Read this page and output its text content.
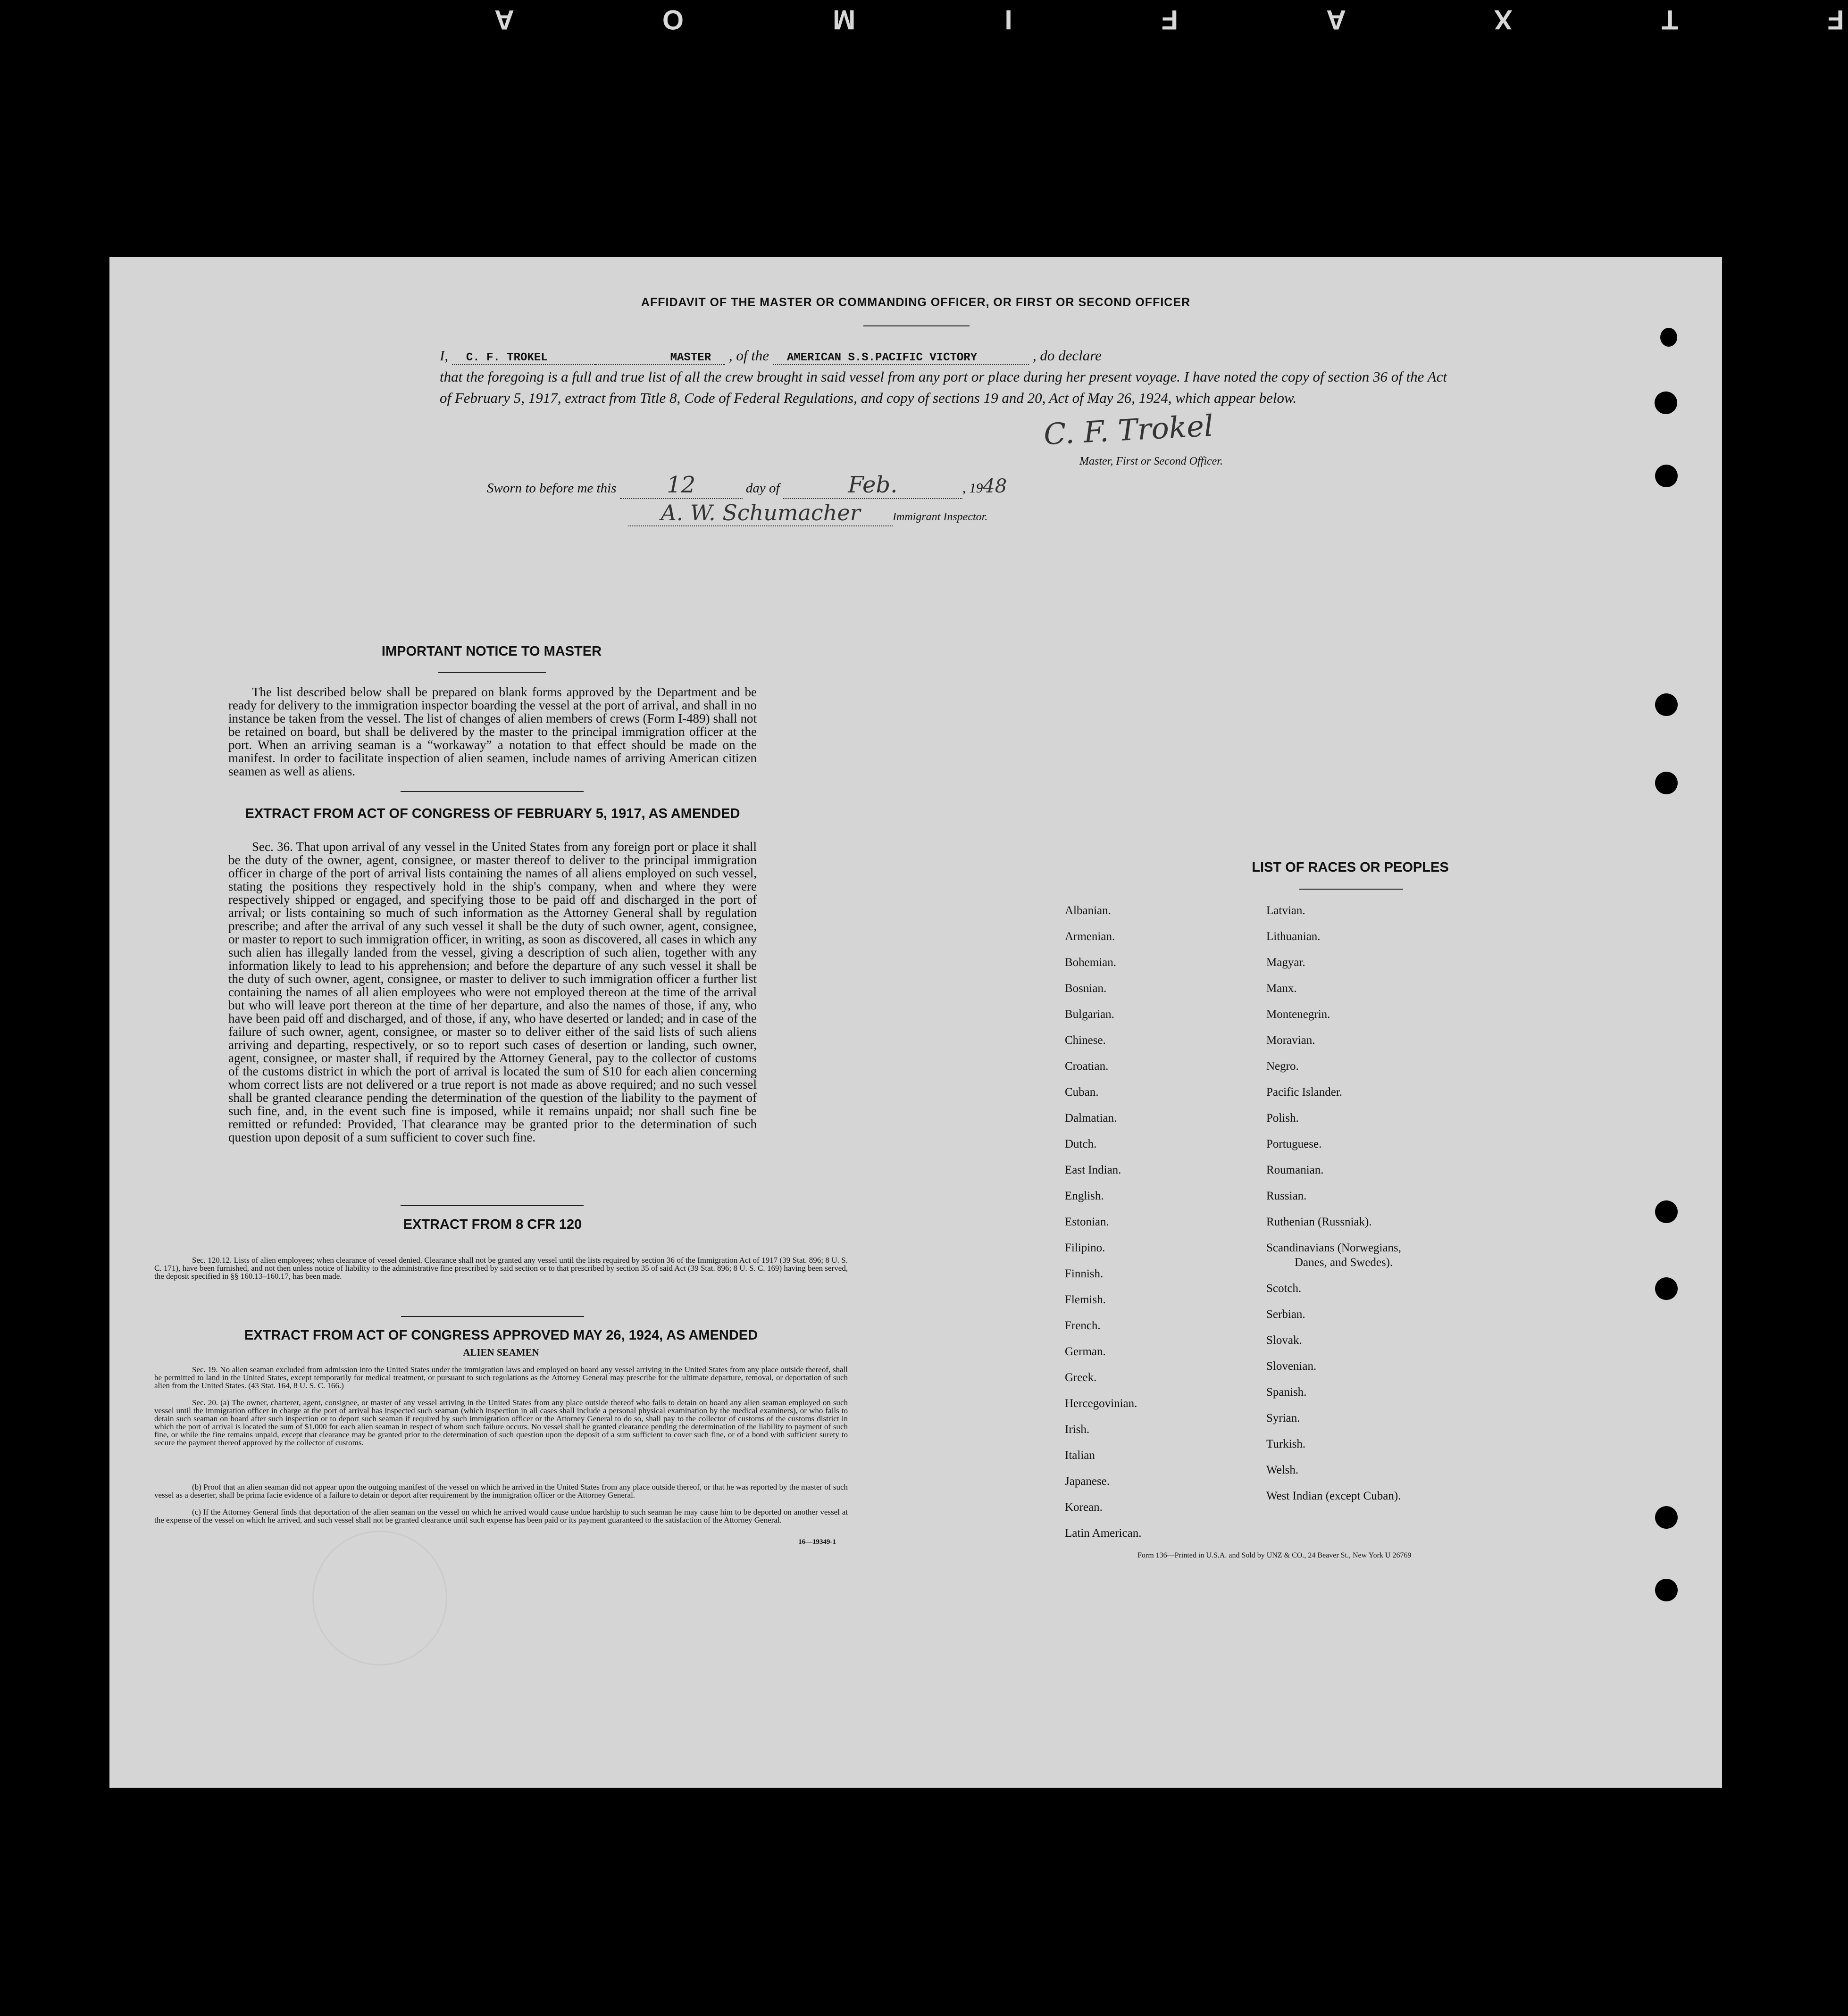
F T X A F I M O A
AFFIDAVIT OF THE MASTER OR COMMANDING OFFICER, OR FIRST OR SECOND OFFICER
I, C. F. TROKEL	MASTER , of the AMERICAN S.S.PACIFIC VICTORY	, do declare
that the foregoing is a full and true list of all the crew brought in said vessel from any port or place during her present voyage. I have noted the copy of section 36 of the Act of February 5, 1917, extract from Title 8, Code of Federal Regulations, and copy of sections 19 and 20, Act of May 26, 1924, which appear below.
C. F. Trokel
Master, First or Second Officer.
Sworn to before me this 12	day of	Feb.	, 1948
A. W. Schumacher	Immigrant Inspector.
IMPORTANT NOTICE TO MASTER
The list described below shall be prepared on blank forms approved by the Department and be ready for delivery to the immigration inspector boarding the vessel at the port of arrival, and shall in no instance be taken from the vessel. The list of changes of alien members of crews (Form I-489) shall not be retained on board, but shall be delivered by the master to the principal immigration officer at the port. When an arriving seaman is a “workaway” a notation to that effect should be made on the manifest. In order to facilitate inspection of alien seamen, include names of arriving American citizen seamen as well as aliens.
EXTRACT FROM ACT OF CONGRESS OF FEBRUARY 5, 1917, AS AMENDED
Sec. 36. That upon arrival of any vessel in the United States from any foreign port or place it shall be the duty of the owner, agent, consignee, or master thereof to deliver to the principal immigration officer in charge of the port of arrival lists containing the names of all aliens employed on such vessel, stating the positions they respectively hold in the ship's company, when and where they were respectively shipped or engaged, and specifying those to be paid off and discharged in the port of arrival; or lists containing so much of such information as the Attorney General shall by regulation prescribe; and after the arrival of any such vessel it shall be the duty of such owner, agent, consignee, or master to report to such immigration officer, in writing, as soon as discovered, all cases in which any such alien has illegally landed from the vessel, giving a description of such alien, together with any information likely to lead to his apprehension; and before the departure of any such vessel it shall be the duty of such owner, agent, consignee, or master to deliver to such immigration officer a further list containing the names of all alien employees who were not employed thereon at the time of the arrival but who will leave port thereon at the time of her departure, and also the names of those, if any, who have been paid off and discharged, and of those, if any, who have deserted or landed; and in case of the failure of such owner, agent, consignee, or master so to deliver either of the said lists of such aliens arriving and departing, respectively, or so to report such cases of desertion or landing, such owner, agent, consignee, or master shall, if required by the Attorney General, pay to the collector of customs of the customs district in which the port of arrival is located the sum of $10 for each alien concerning whom correct lists are not delivered or a true report is not made as above required; and no such vessel shall be granted clearance pending the determination of the question of the liability to the payment of such fine, and, in the event such fine is imposed, while it remains unpaid; nor shall such fine be remitted or refunded: Provided, That clearance may be granted prior to the determination of such question upon deposit of a sum sufficient to cover such fine.
EXTRACT FROM 8 CFR 120
Sec. 120.12. Lists of alien employees; when clearance of vessel denied. Clearance shall not be granted any vessel until the lists required by section 36 of the Immigration Act of 1917 (39 Stat. 896; 8 U. S. C. 171), have been furnished, and not then unless notice of liability to the administrative fine prescribed by said section or to that prescribed by section 35 of said Act (39 Stat. 896; 8 U. S. C. 169) having been served, the deposit specified in §§ 160.13–160.17, has been made.
EXTRACT FROM ACT OF CONGRESS APPROVED MAY 26, 1924, AS AMENDED
ALIEN SEAMEN
Sec. 19. No alien seaman excluded from admission into the United States under the immigration laws and employed on board any vessel arriving in the United States from any place outside thereof, shall be permitted to land in the United States, except temporarily for medical treatment, or pursuant to such regulations as the Attorney General may prescribe for the ultimate departure, removal, or deportation of such alien from the United States. (43 Stat. 164, 8 U. S. C. 166.)
Sec. 20. (a) The owner, charterer, agent, consignee, or master of any vessel arriving in the United States from any place outside thereof who fails to detain on board any alien seaman employed on such vessel until the immigration officer in charge at the port of arrival has inspected such seaman (which inspection in all cases shall include a personal physical examination by the medical examiners), or who fails to detain such seaman on board after such inspection or to deport such seaman if required by such immigration officer or the Attorney General to do so, shall pay to the collector of customs of the customs district in which the port of arrival is located the sum of $1,000 for each alien seaman in respect of whom such failure occurs. No vessel shall be granted clearance pending the determination of the liability to payment of such fine, or while the fine remains unpaid, except that clearance may be granted prior to the determination of such question upon the deposit of a sum sufficient to cover such fine, or of a bond with sufficient surety to secure the payment thereof approved by the collector of customs.
(b) Proof that an alien seaman did not appear upon the outgoing manifest of the vessel on which he arrived in the United States from any place outside thereof, or that he was reported by the master of such vessel as a deserter, shall be prima facie evidence of a failure to detain or deport after requirement by the immigration officer or the Attorney General.
(c) If the Attorney General finds that deportation of the alien seaman on the vessel on which he arrived would cause undue hardship to such seaman he may cause him to be deported on another vessel at the expense of the vessel on which he arrived, and such vessel shall not be granted clearance until such expense has been paid or its payment guaranteed to the satisfaction of the Attorney General.
16—19349-1
LIST OF RACES OR PEOPLES
Albanian.
Armenian.
Bohemian.
Bosnian.
Bulgarian.
Chinese.
Croatian.
Cuban.
Dalmatian.
Dutch.
East Indian.
English.
Estonian.
Filipino.
Finnish.
Flemish.
French.
German.
Greek.
Hercegovinian.
Irish.
Italian
Japanese.
Korean.
Latin American.
Latvian.
Lithuanian.
Magyar.
Manx.
Montenegrin.
Moravian.
Negro.
Pacific Islander.
Polish.
Portuguese.
Roumanian.
Russian.
Ruthenian (Russniak).
Scandinavians (Norwegians,
Danes, and Swedes).
Scotch.
Serbian.
Slovak.
Slovenian.
Spanish.
Syrian.
Turkish.
Welsh.
West Indian (except Cuban).
Form 136—Printed in U.S.A. and Sold by UNZ & CO., 24 Beaver St., New York U 26769
